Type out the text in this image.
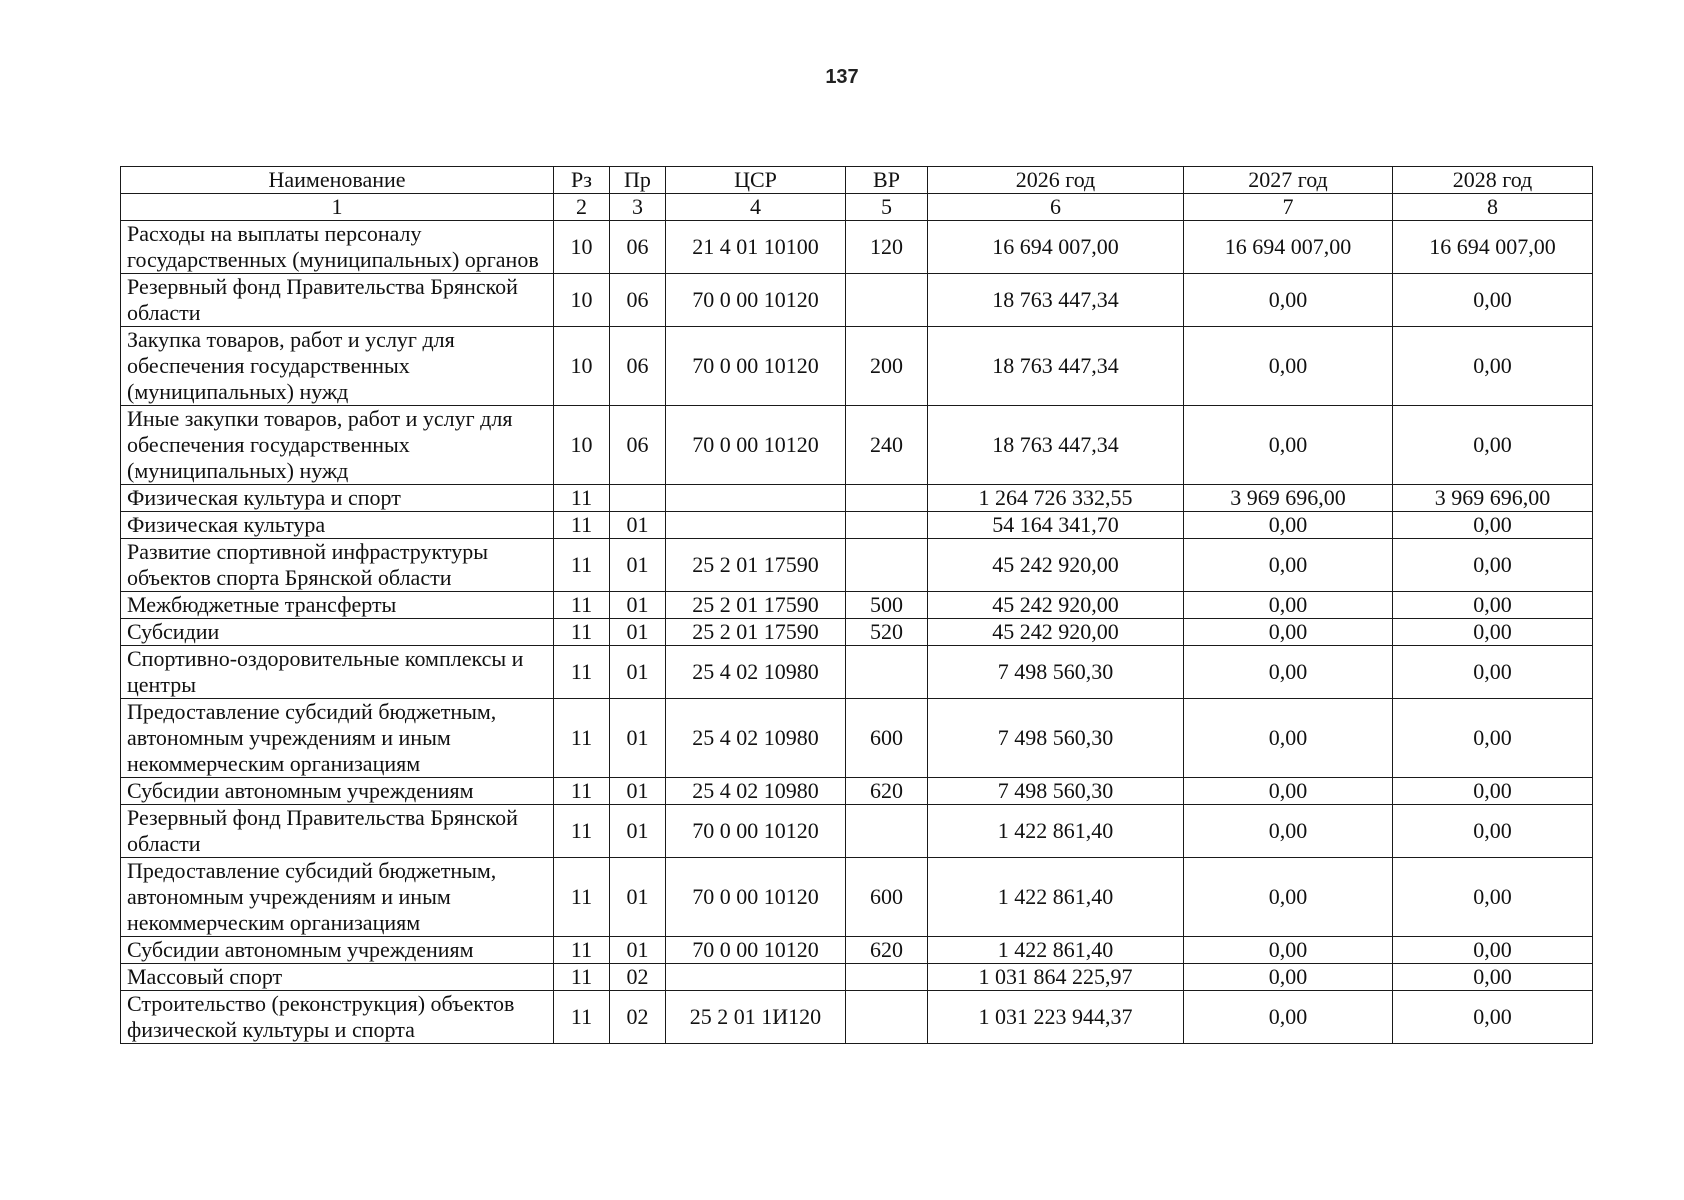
137
Наименование	Рз	Пр	ЦСР	ВР	2026 год	2027 год	2028 год
1	2	3	4	5	6	7	8
Расходы на выплаты персоналу государственных (муниципальных) органов	10	06	21 4 01 10100	120	16 694 007,00	16 694 007,00	16 694 007,00
Резервный фонд Правительства Брянской области	10	06	70 0 00 10120		18 763 447,34	0,00	0,00
Закупка товаров, работ и услуг для обеспечения государственных (муниципальных) нужд	10	06	70 0 00 10120	200	18 763 447,34	0,00	0,00
Иные закупки товаров, работ и услуг для обеспечения государственных (муниципальных) нужд	10	06	70 0 00 10120	240	18 763 447,34	0,00	0,00
Физическая культура и спорт	11				1 264 726 332,55	3 969 696,00	3 969 696,00
Физическая культура	11	01			54 164 341,70	0,00	0,00
Развитие спортивной инфраструктуры объектов спорта Брянской области	11	01	25 2 01 17590		45 242 920,00	0,00	0,00
Межбюджетные трансферты	11	01	25 2 01 17590	500	45 242 920,00	0,00	0,00
Субсидии	11	01	25 2 01 17590	520	45 242 920,00	0,00	0,00
Спортивно-оздоровительные комплексы и центры	11	01	25 4 02 10980		7 498 560,30	0,00	0,00
Предоставление субсидий бюджетным, автономным учреждениям и иным некоммерческим организациям	11	01	25 4 02 10980	600	7 498 560,30	0,00	0,00
Субсидии автономным учреждениям	11	01	25 4 02 10980	620	7 498 560,30	0,00	0,00
Резервный фонд Правительства Брянской области	11	01	70 0 00 10120		1 422 861,40	0,00	0,00
Предоставление субсидий бюджетным, автономным учреждениям и иным некоммерческим организациям	11	01	70 0 00 10120	600	1 422 861,40	0,00	0,00
Субсидии автономным учреждениям	11	01	70 0 00 10120	620	1 422 861,40	0,00	0,00
Массовый спорт	11	02			1 031 864 225,97	0,00	0,00
Строительство (реконструкция) объектов физической культуры и спорта	11	02	25 2 01 1И120		1 031 223 944,37	0,00	0,00
